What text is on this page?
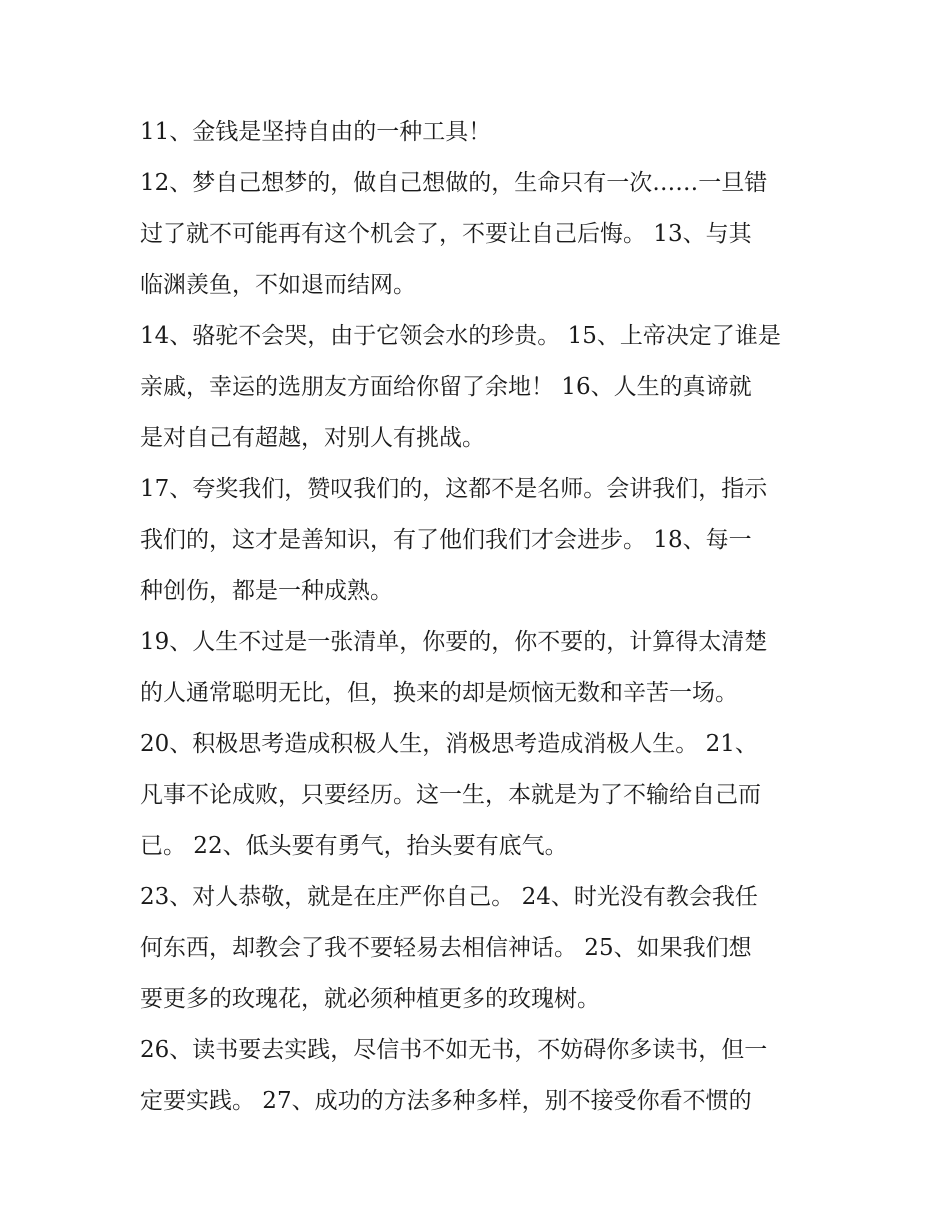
11、金钱是坚持自由的一种工具！
12、梦自己想梦的，做自己想做的，生命只有一次……一旦错
过了就不可能再有这个机会了，不要让自己后悔。 13、与其
临渊羡鱼，不如退而结网。
14、骆驼不会哭，由于它领会水的珍贵。 15、上帝决定了谁是
亲戚，幸运的选朋友方面给你留了余地！ 16、人生的真谛就
是对自己有超越，对别人有挑战。
17、夸奖我们，赞叹我们的，这都不是名师。会讲我们，指示
我们的，这才是善知识，有了他们我们才会进步。 18、每一
种创伤，都是一种成熟。
19、人生不过是一张清单，你要的，你不要的，计算得太清楚
的人通常聪明无比，但，换来的却是烦恼无数和辛苦一场。
20、积极思考造成积极人生，消极思考造成消极人生。 21、
凡事不论成败，只要经历。这一生，本就是为了不输给自己而
已。 22、低头要有勇气，抬头要有底气。
23、对人恭敬，就是在庄严你自己。 24、时光没有教会我任
何东西，却教会了我不要轻易去相信神话。 25、如果我们想
要更多的玫瑰花，就必须种植更多的玫瑰树。
26、读书要去实践，尽信书不如无书，不妨碍你多读书，但一
定要实践。 27、成功的方法多种多样，别不接受你看不惯的
